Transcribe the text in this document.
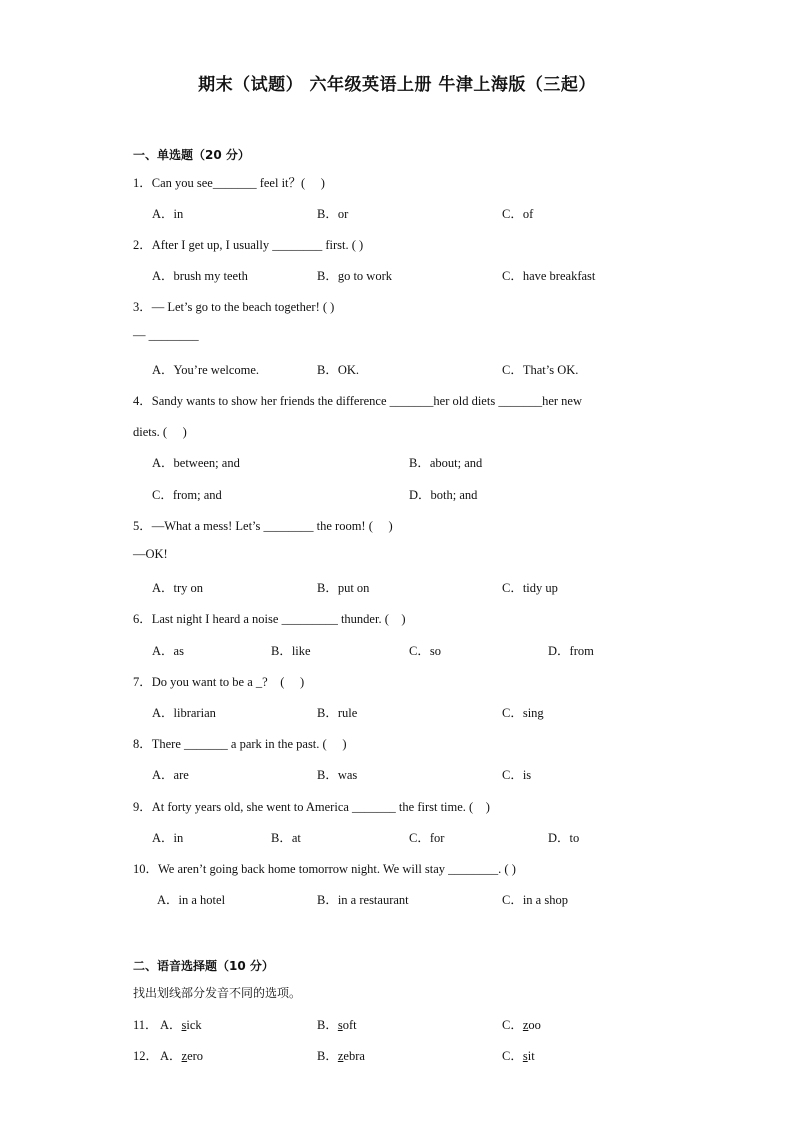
期末（试题） 六年级英语上册 牛津上海版（三起）
一、单选题（20 分）
1．Can you see_______ feel it？(　 )
A．in	B．or	C．of
2．After I get up, I usually ________ first. ( )
A．brush my teeth	B．go to work	C．have breakfast
3．— Let’s go to the beach together! ( )
— ________
A．You’re welcome.	B．OK.	C．That’s OK.
4．Sandy wants to show her friends the difference _______her old diets _______her new
diets. (　 )
A．between; and	B．about; and
C．from; and	D．both; and
5．—What a mess! Let’s ________ the room! (　 )
—OK!
A．try on	B．put on	C．tidy up
6．Last night I heard a noise _________ thunder. (　)
A．as	B．like	C．so	D．from
7．Do you want to be a _?　(　 )
A．librarian	B．rule	C．sing
8．There _______ a park in the past. (　 )
A．are	B．was	C．is
9．At forty years old, she went to America _______ the first time. (　)
A．in	B．at	C．for	D．to
10．We aren’t going back home tomorrow night. We will stay ________. ( )
A．in a hotel	B．in a restaurant	C．in a shop
二、语音选择题（10 分）
找出划线部分发音不同的选项。
11． A．sick	B．soft	C．zoo
12． A．zero	B．zebra	C．sit
